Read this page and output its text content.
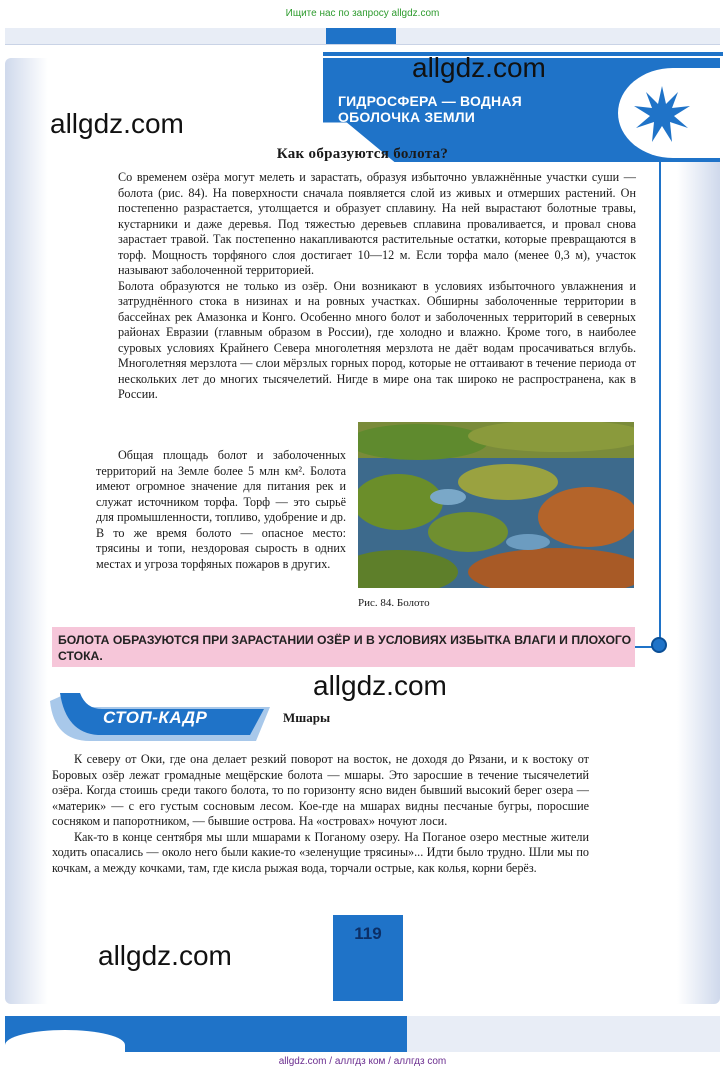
Ищите нас по запросу allgdz.com
ГИДРОСФЕРА — ВОДНАЯ
ОБОЛОЧКА ЗЕМЛИ
allgdz.com
allgdz.com
Как образуются болота?
Со временем озёра могут мелеть и зарастать, образуя избыточно увлажнённые участки суши — болота (рис. 84). На поверхности сначала появляется слой из живых и отмерших растений. Он постепенно разрастается, утолщается и образует сплавину. На ней вырастают болотные травы, кустарники и даже деревья. Под тяжестью деревьев сплавина проваливается, и провал снова зарастает травой. Так постепенно накапливаются растительные остатки, которые превращаются в торф. Мощность торфяного слоя достигает 10—12 м. Если торфа мало (менее 0,3 м), участок называют заболоченной территорией.
Болота образуются не только из озёр. Они возникают в условиях избыточного увлажнения и затруднённого стока в низинах и на ровных участках. Обширны заболоченные территории в бассейнах рек Амазонка и Конго. Особенно много болот и заболоченных территорий в северных районах Евразии (главным образом в России), где холодно и влажно. Кроме того, в наиболее суровых условиях Крайнего Севера многолетняя мерзлота не даёт водам просачиваться вглубь. Многолетняя мерзлота — слои мёрзлых горных пород, которые не оттаивают в течение периода от нескольких лет до многих тысячелетий. Нигде в мире она так широко не распространена, как в России.
Общая площадь болот и заболоченных территорий на Земле более 5 млн км². Болота имеют огромное значение для питания рек и служат источником торфа. Торф — это сырьё для промышленности, топливо, удобрение и др. В то же время болото — опасное место: трясины и топи, нездоровая сырость в одних местах и угроза торфяных пожаров в других.
Рис. 84. Болото
БОЛОТА ОБРАЗУЮТСЯ ПРИ ЗАРАСТАНИИ ОЗЁР И В УСЛОВИЯХ ИЗБЫТКА ВЛАГИ И ПЛОХОГО СТОКА.
allgdz.com
СТОП-КАДР	Мшары
К северу от Оки, где она делает резкий поворот на восток, не доходя до Рязани, и к востоку от Боровых озёр лежат громадные мещёрские болота — мшары. Это заросшие в течение тысячелетий озёра. Когда стоишь среди такого болота, то по горизонту ясно виден бывший высокий берег озера — «материк» — с его густым сосновым лесом. Кое-где на мшарах видны песчаные бугры, поросшие сосняком и папоротником, — бывшие острова. На «островах» ночуют лоси.
Как-то в конце сентября мы шли мшарами к Поганому озеру. На Поганое озеро местные жители ходить опасались — около него были какие-то «зеленущие трясины»... Идти было трудно. Шли мы по кочкам, а между кочками, там, где кисла рыжая вода, торчали острые, как колья, корни берёз.
119
allgdz.com
allgdz.com / аллгдз ком / аллгдз com
